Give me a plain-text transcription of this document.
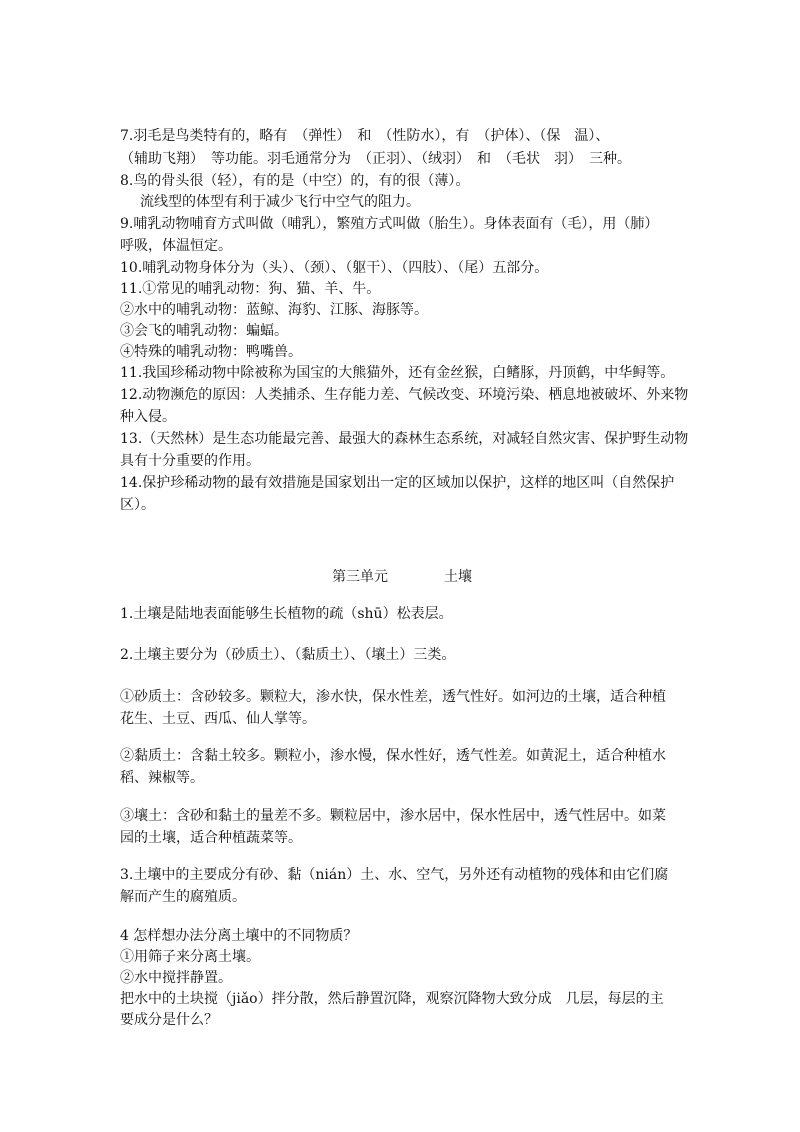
7.羽毛是鸟类特有的，略有　（弹性）　和　（性防水），有　（护体）、（保　温）、
（辅助飞翔）　等功能。羽毛通常分为　（正羽）、（绒羽）　和　（毛状　羽）　三种。
8.鸟的骨头很（轻），有的是（中空）的，有的很（薄）。
流线型的体型有利于减少飞行中空气的阻力。
9.哺乳动物哺育方式叫做（哺乳），繁殖方式叫做（胎生）。身体表面有（毛），用（肺）
呼吸，体温恒定。
10.哺乳动物身体分为（头）、（颈）、（躯干）、（四肢）、（尾）五部分。
11.①常见的哺乳动物：狗、猫、羊、牛。
②水中的哺乳动物：蓝鲸、海豹、江豚、海豚等。
③会飞的哺乳动物：蝙蝠。
④特殊的哺乳动物：鸭嘴兽。
11.我国珍稀动物中除被称为国宝的大熊猫外，还有金丝猴，白鳍豚，丹顶鹤，中华鲟等。
12.动物濒危的原因：人类捕杀、生存能力差、气候改变、环境污染、栖息地被破坏、外来物
种入侵。
13.（天然林）是生态功能最完善、最强大的森林生态系统，对减轻自然灾害、保护野生动物
具有十分重要的作用。
14.保护珍稀动物的最有效措施是国家划出一定的区域加以保护，这样的地区叫（自然保护
区）。
第三单元　　　　土壤
1.土壤是陆地表面能够生长植物的疏（shū）松表层。
2.土壤主要分为（砂质土）、（黏质土）、（壤土）三类。
①砂质土：含砂较多。颗粒大，渗水快，保水性差，透气性好。如河边的土壤，适合种植
花生、土豆、西瓜、仙人掌等。
②黏质土：含黏土较多。颗粒小，渗水慢，保水性好，透气性差。如黄泥土，适合种植水
稻、辣椒等。
③壤土：含砂和黏土的量差不多。颗粒居中，渗水居中，保水性居中，透气性居中。如菜
园的土壤，适合种植蔬菜等。
3.土壤中的主要成分有砂、黏（nián）土、水、空气，另外还有动植物的残体和由它们腐
解而产生的腐殖质。
4 怎样想办法分离土壤中的不同物质？
①用筛子来分离土壤。
②水中搅拌静置。
把水中的土块搅（jiǎo）拌分散，然后静置沉降，观察沉降物大致分成　几层，每层的主
要成分是什么？
